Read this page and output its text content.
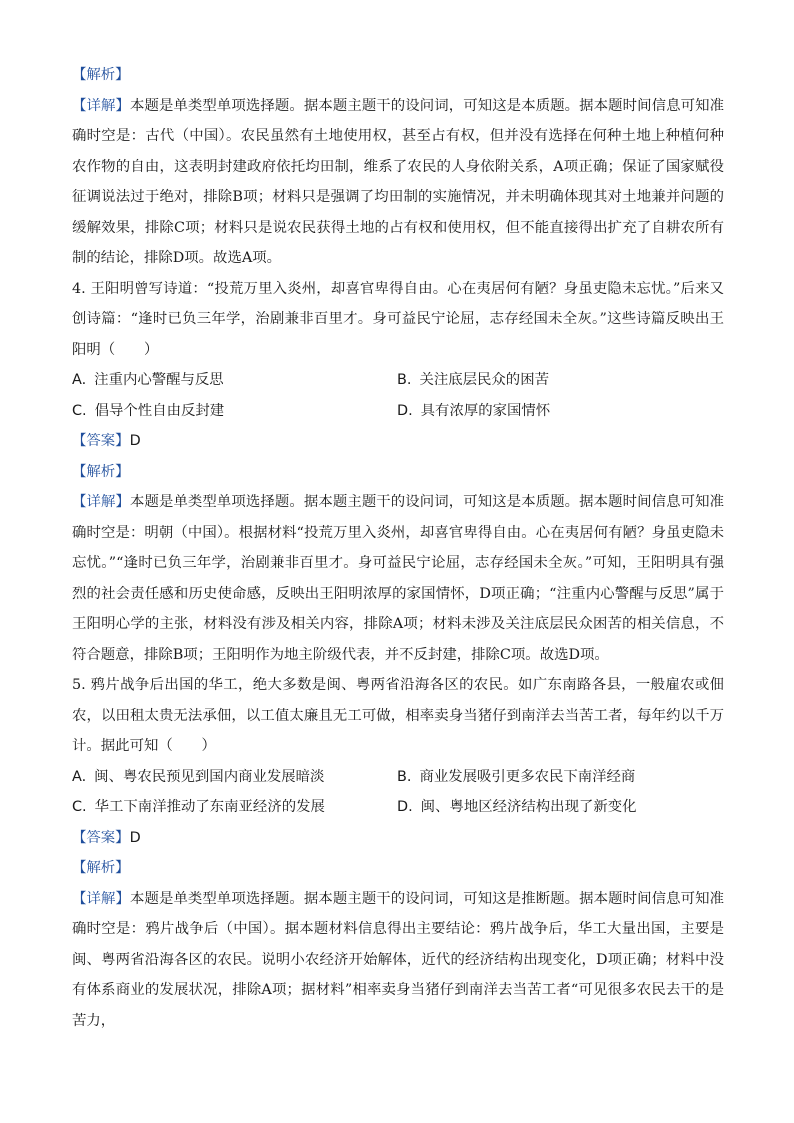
【解析】

【详解】本题是单类型单项选择题。据本题主题干的设问词，可知这是本质题。据本题时间信息可知准确时空是：古代（中国）。农民虽然有土地使用权，甚至占有权，但并没有选择在何种土地上种植何种农作物的自由，这表明封建政府依托均田制，维系了农民的人身依附关系，A项正确；保证了国家赋役征调说法过于绝对，排除B项；材料只是强调了均田制的实施情况，并未明确体现其对土地兼并问题的缓解效果，排除C项；材料只是说农民获得土地的占有权和使用权，但不能直接得出扩充了自耕农所有制的结论，排除D项。故选A项。

4. 王阳明曾写诗道：“投荒万里入炎州，却喜官卑得自由。心在夷居何有陋？身虽吏隐未忘忧。”后来又创诗篇：“逢时已负三年学，治剧兼非百里才。身可益民宁论屈，志存经国未全灰。”这些诗篇反映出王阳明（　　）

A. 注重内心警醒与反思	B. 关注底层民众的困苦
C. 倡导个性自由反封建	D. 具有浓厚的家国情怀
【答案】D
【解析】

【详解】本题是单类型单项选择题。据本题主题干的设问词，可知这是本质题。据本题时间信息可知准确时空是：明朝（中国）。根据材料“投荒万里入炎州，却喜官卑得自由。心在夷居何有陋？身虽吏隐未忘忧。”“逢时已负三年学，治剧兼非百里才。身可益民宁论屈，志存经国未全灰。”可知，王阳明具有强烈的社会责任感和历史使命感，反映出王阳明浓厚的家国情怀，D项正确；“注重内心警醒与反思”属于王阳明心学的主张，材料没有涉及相关内容，排除A项；材料未涉及关注底层民众困苦的相关信息，不符合题意，排除B项；王阳明作为地主阶级代表，并不反封建，排除C项。故选D项。

5. 鸦片战争后出国的华工，绝大多数是闽、粤两省沿海各区的农民。如广东南路各县，一般雇农或佃农，以田租太贵无法承佃，以工值太廉且无工可做，相率卖身当猪仔到南洋去当苦工者，每年约以千万计。据此可知（　　）

A. 闽、粤农民预见到国内商业发展暗淡	B. 商业发展吸引更多农民下南洋经商
C. 华工下南洋推动了东南亚经济的发展	D. 闽、粤地区经济结构出现了新变化
【答案】D
【解析】

【详解】本题是单类型单项选择题。据本题主题干的设问词，可知这是推断题。据本题时间信息可知准确时空是：鸦片战争后（中国）。据本题材料信息得出主要结论：鸦片战争后，华工大量出国，主要是闽、粤两省沿海各区的农民。说明小农经济开始解体，近代的经济结构出现变化，D项正确；材料中没有体系商业的发展状况，排除A项；据材料”相率卖身当猪仔到南洋去当苦工者“可见很多农民去干的是苦力，
